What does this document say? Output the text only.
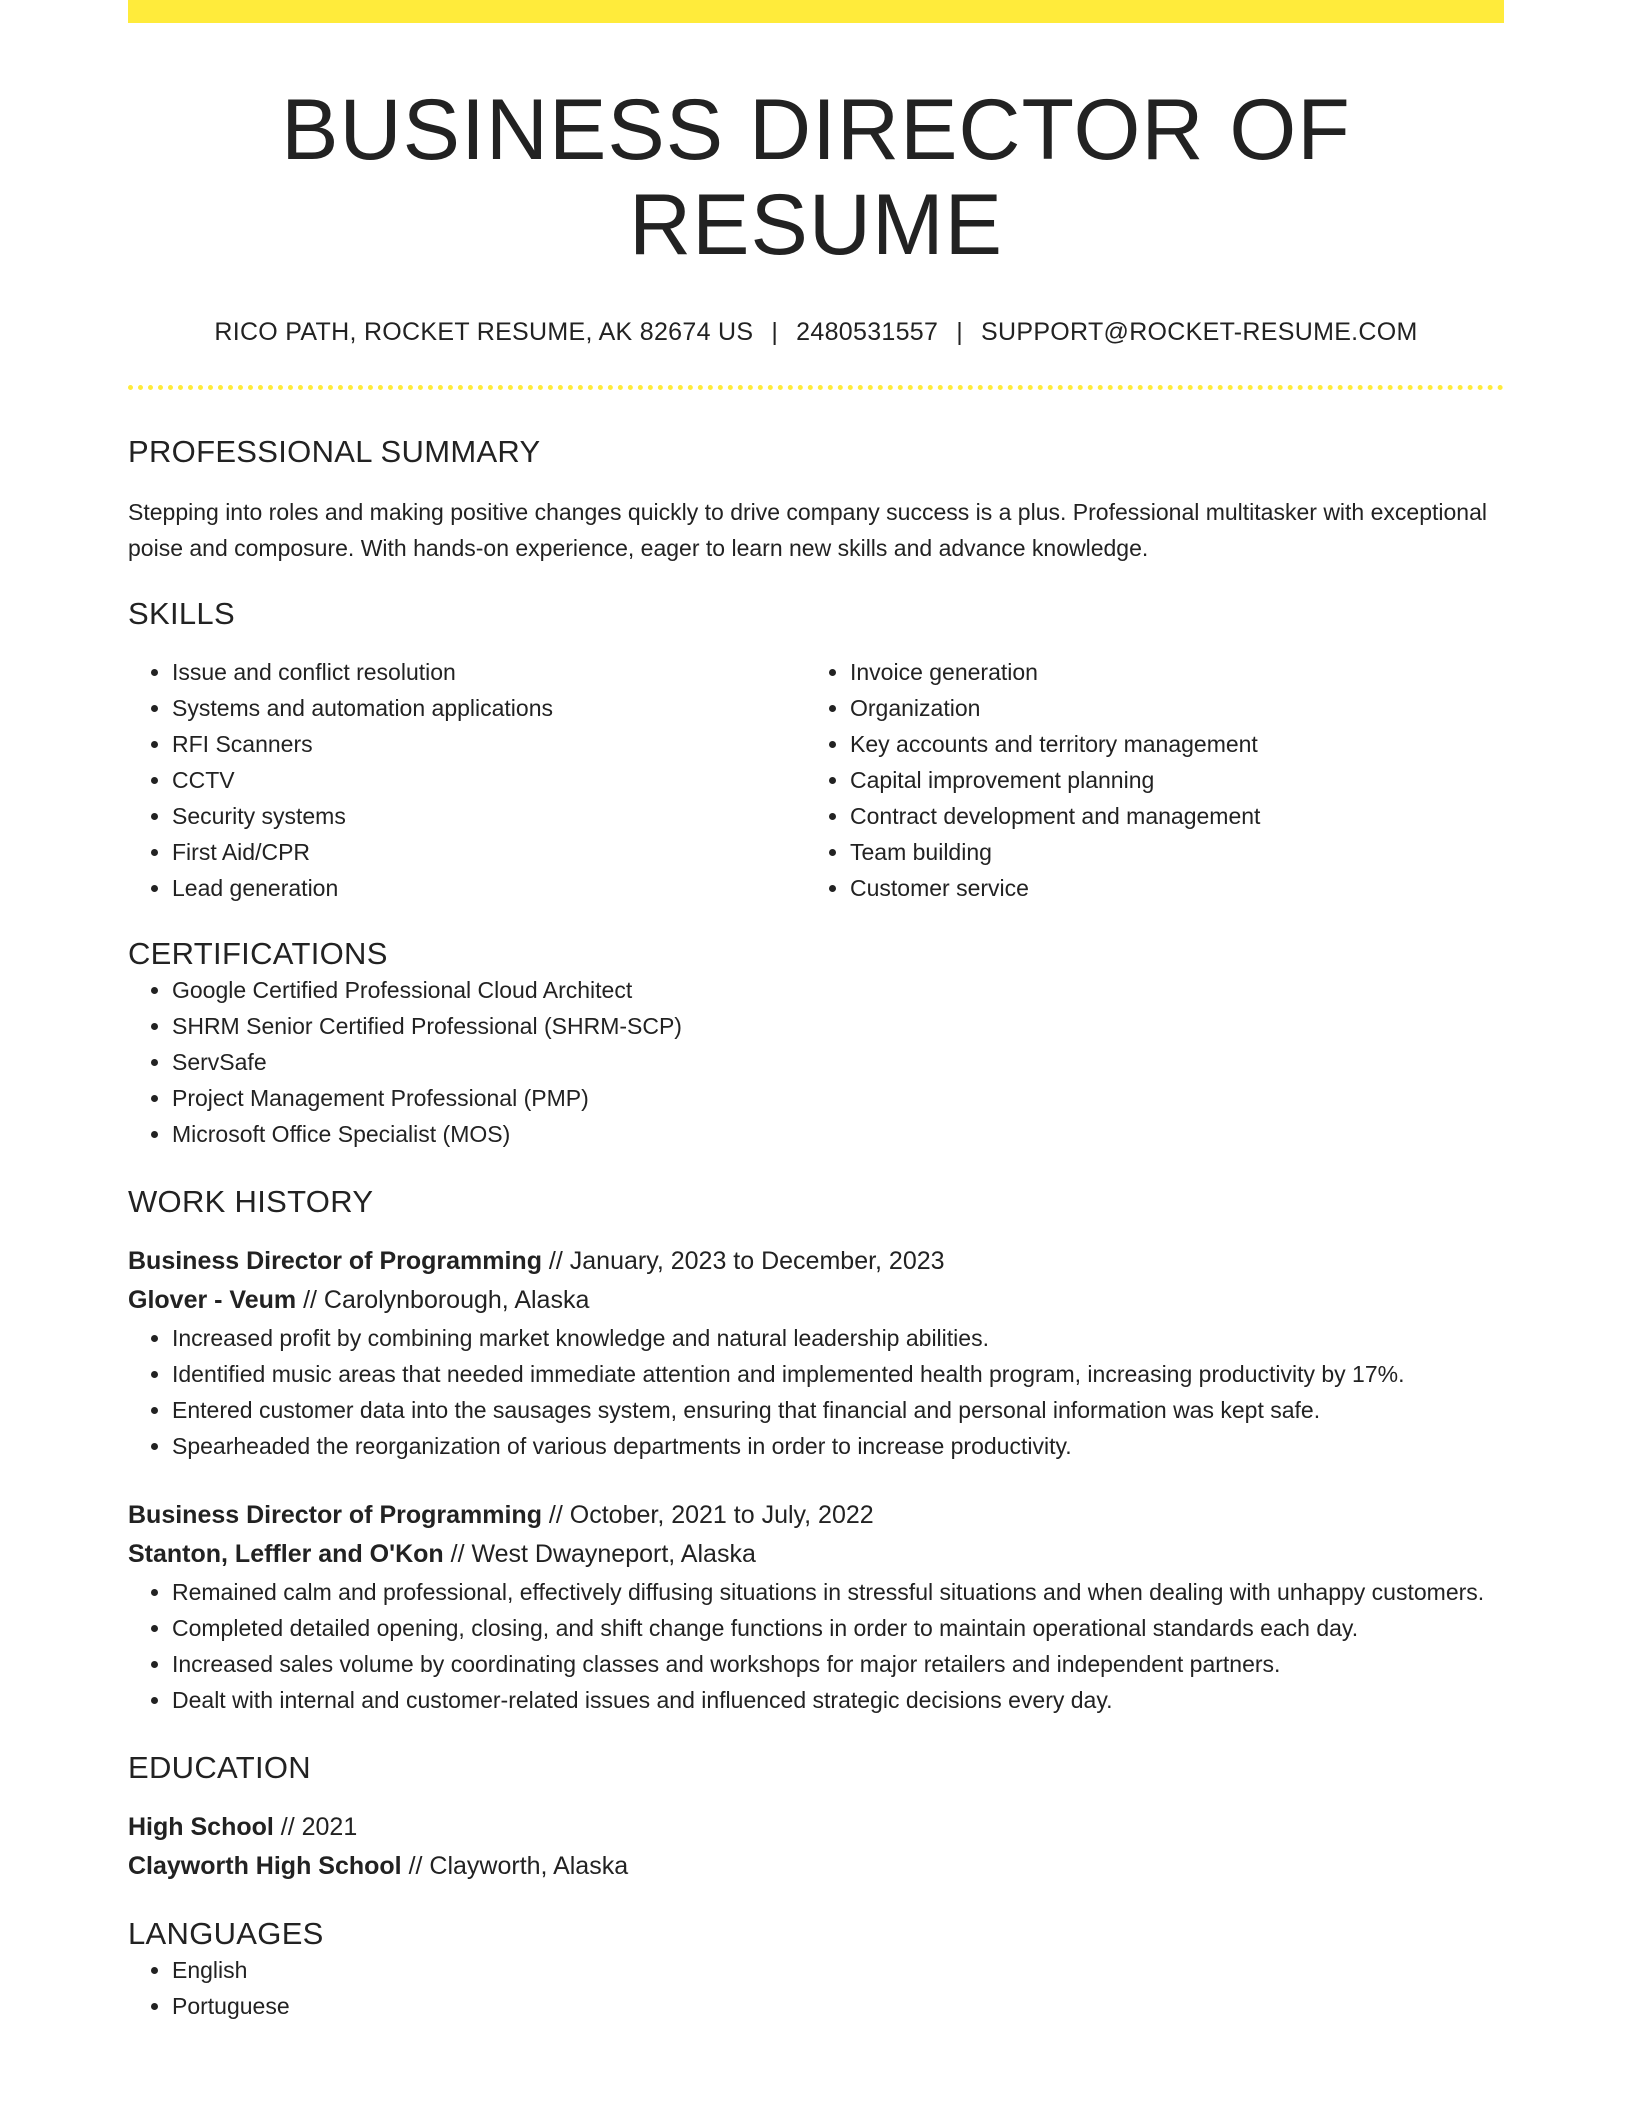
BUSINESS DIRECTOR OF RESUME
RICO PATH, ROCKET RESUME, AK 82674 US | 2480531557 | SUPPORT@ROCKET-RESUME.COM
PROFESSIONAL SUMMARY

Stepping into roles and making positive changes quickly to drive company success is a plus. Professional multitasker with exceptional poise and composure. With hands-on experience, eager to learn new skills and advance knowledge.

SKILLS
• Issue and conflict resolution
• Systems and automation applications
• RFI Scanners
• CCTV
• Security systems
• First Aid/CPR
• Lead generation
• Invoice generation
• Organization
• Key accounts and territory management
• Capital improvement planning
• Contract development and management
• Team building
• Customer service
CERTIFICATIONS
• Google Certified Professional Cloud Architect
• SHRM Senior Certified Professional (SHRM-SCP)
• ServSafe
• Project Management Professional (PMP)
• Microsoft Office Specialist (MOS)
WORK HISTORY
Business Director of Programming // January, 2023 to December, 2023
Glover - Veum // Carolynborough, Alaska
• Increased profit by combining market knowledge and natural leadership abilities.
• Identified music areas that needed immediate attention and implemented health program, increasing productivity by 17%.
• Entered customer data into the sausages system, ensuring that financial and personal information was kept safe.
• Spearheaded the reorganization of various departments in order to increase productivity.
Business Director of Programming // October, 2021 to July, 2022
Stanton, Leffler and O'Kon // West Dwayneport, Alaska
• Remained calm and professional, effectively diffusing situations in stressful situations and when dealing with unhappy customers.
• Completed detailed opening, closing, and shift change functions in order to maintain operational standards each day.
• Increased sales volume by coordinating classes and workshops for major retailers and independent partners.
• Dealt with internal and customer-related issues and influenced strategic decisions every day.
EDUCATION
High School // 2021
Clayworth High School // Clayworth, Alaska
LANGUAGES
• English
• Portuguese
